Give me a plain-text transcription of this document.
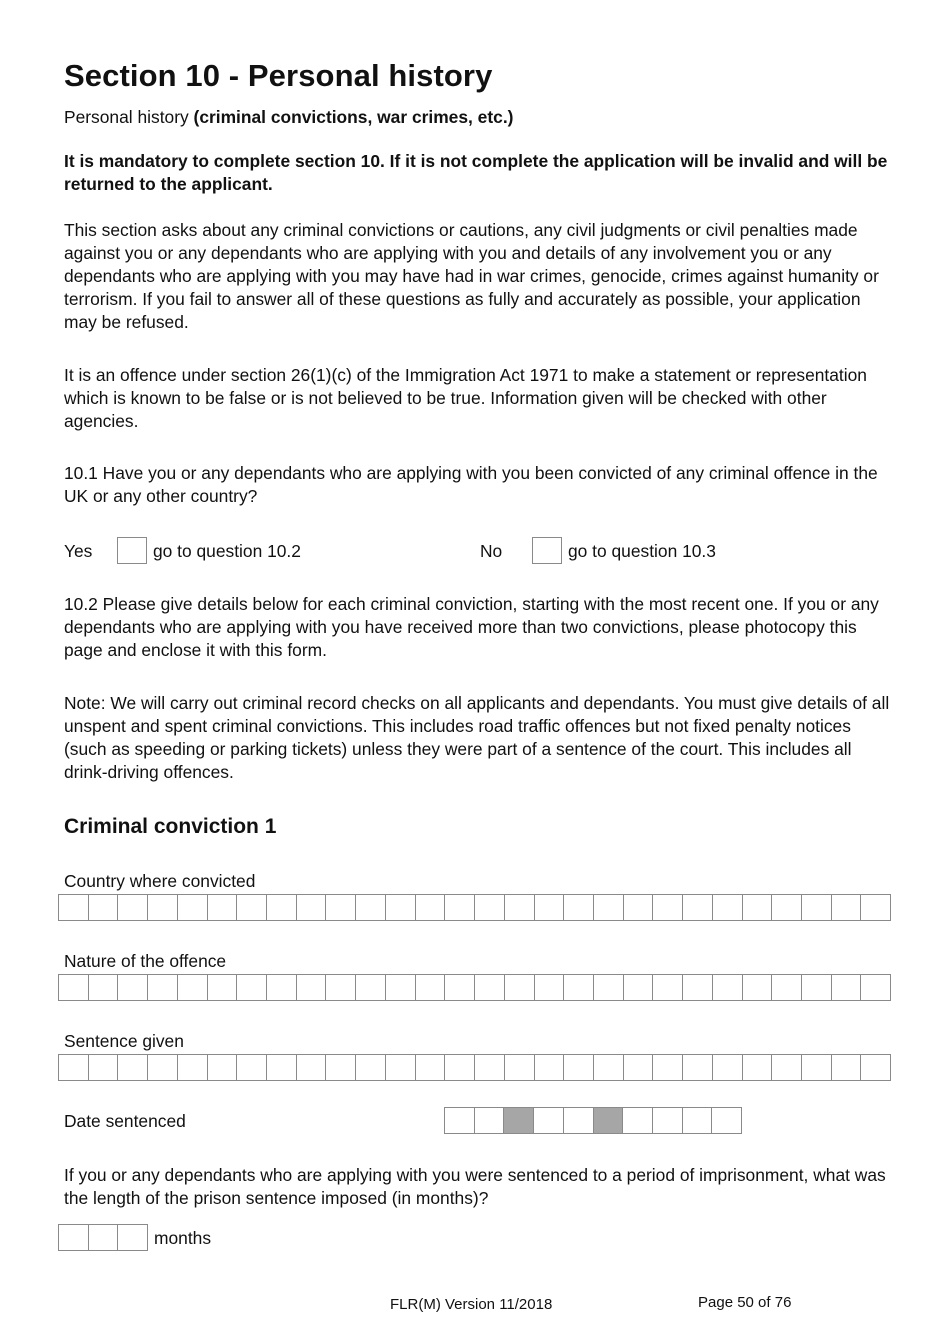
Section 10 - Personal history

Personal history (criminal convictions, war crimes, etc.)

It is mandatory to complete section 10. If it is not complete the application will be invalid and will be returned to the applicant.

This section asks about any criminal convictions or cautions, any civil judgments or civil penalties made against you or any dependants who are applying with you and details of any involvement you or any dependants who are applying with you may have had in war crimes, genocide, crimes against humanity or terrorism. If you fail to answer all of these questions as fully and accurately as possible, your application may be refused.

It is an offence under section 26(1)(c) of the Immigration Act 1971 to make a statement or representation which is known to be false or is not believed to be true. Information given will be checked with other agencies.

10.1 Have you or any dependants who are applying with you been convicted of any criminal offence in the UK or any other country?

Yes	go to question 10.2	No	go to question 10.3

10.2 Please give details below for each criminal conviction, starting with the most recent one. If you or any dependants who are applying with you have received more than two convictions, please photocopy this page and enclose it with this form.

Note: We will carry out criminal record checks on all applicants and dependants. You must give details of all unspent and spent criminal convictions. This includes road traffic offences but not fixed penalty notices (such as speeding or parking tickets) unless they were part of a sentence of the court. This includes all drink-driving offences.

Criminal conviction 1
Country where convicted
Nature of the offence
Sentence given
Date sentenced

If you or any dependants who are applying with you were sentenced to a period of imprisonment, what was the length of the prison sentence imposed (in months)?

months
FLR(M) Version 11/2018	Page 50 of 76
